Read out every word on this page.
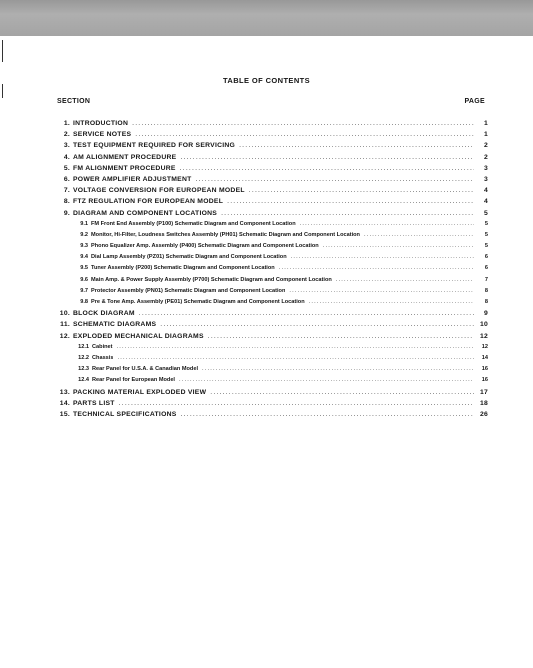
TABLE OF CONTENTS
SECTION	PAGE
1. INTRODUCTION .....	1
2. SERVICE NOTES .....	1
3. TEST EQUIPMENT REQUIRED FOR SERVICING .....	2
4. AM ALIGNMENT PROCEDURE .....	2
5. FM ALIGNMENT PROCEDURE .....	3
6. POWER AMPLIFIER ADJUSTMENT .....	3
7. VOLTAGE CONVERSION FOR EUROPEAN MODEL .....	4
8. FTZ REGULATION FOR EUROPEAN MODEL .....	4
9. DIAGRAM AND COMPONENT LOCATIONS .....	5
9.1 FM Front End Assembly (P100) Schematic Diagram and Component Location .....	5
9.2 Monitor, Hi-Filter, Loudness Switches Assembly (PH01) Schematic Diagram and Component Location .....	5
9.3 Phono Equalizer Amp. Assembly (P400) Schematic Diagram and Component Location .....	5
9.4 Dial Lamp Assembly (PZ01) Schematic Diagram and Component Location .....	6
9.5 Tuner Assembly (P200) Schematic Diagram and Component Location .....	6
9.6 Main Amp. & Power Supply Assembly (P700) Schematic Diagram and Component Location .....	7
9.7 Protector Assembly (PN01) Schematic Diagram and Component Location .....	8
9.8 Pre & Tone Amp. Assembly (PE01) Schematic Diagram and Component Location .....	8
10. BLOCK DIAGRAM .....	9
11. SCHEMATIC DIAGRAMS .....	10
12. EXPLODED MECHANICAL DIAGRAMS .....	12
12.1 Cabinet .....	12
12.2 Chassis .....	14
12.3 Rear Panel for U.S.A. & Canadian Model .....	16
12.4 Rear Panel for European Model .....	16
13. PACKING MATERIAL EXPLODED VIEW .....	17
14. PARTS LIST .....	18
15. TECHNICAL SPECIFICATIONS .....	26
